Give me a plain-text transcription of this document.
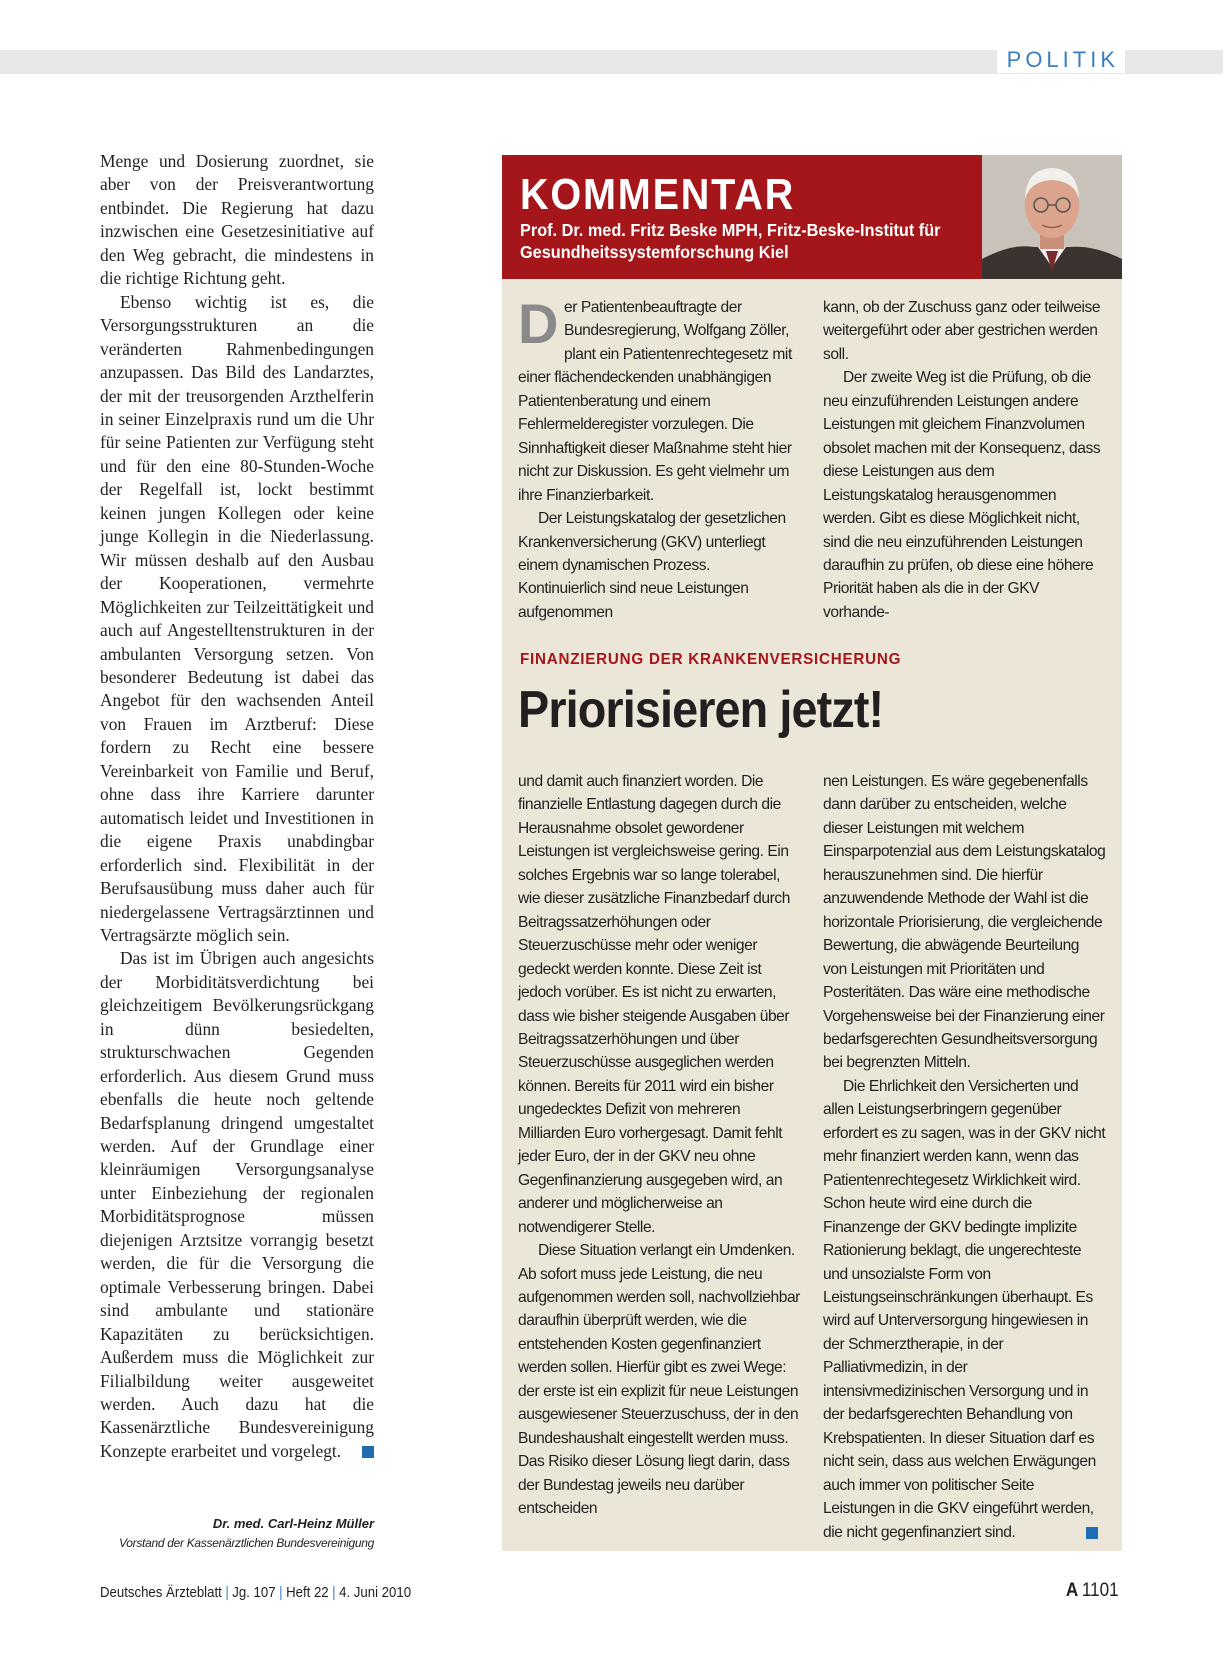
POLITIK

Menge und Dosierung zuordnet, sie aber von der Preisverantwortung entbindet. Die Regierung hat dazu inzwischen eine Gesetzesinitiative auf den Weg gebracht, die mindestens in die richtige Richtung geht.

Ebenso wichtig ist es, die Versorgungsstrukturen an die veränderten Rahmenbedingungen anzupassen. Das Bild des Landarztes, der mit der treusorgenden Arzthelferin in seiner Einzelpraxis rund um die Uhr für seine Patienten zur Verfügung steht und für den eine 80-Stunden-Woche der Regelfall ist, lockt bestimmt keinen jungen Kollegen oder keine junge Kollegin in die Niederlassung. Wir müssen deshalb auf den Ausbau der Kooperationen, vermehrte Möglichkeiten zur Teilzeittätigkeit und auch auf Angestelltenstrukturen in der ambulanten Versorgung setzen. Von besonderer Bedeutung ist dabei das Angebot für den wachsenden Anteil von Frauen im Arztberuf: Diese fordern zu Recht eine bessere Vereinbarkeit von Familie und Beruf, ohne dass ihre Karriere darunter automatisch leidet und Investitionen in die eigene Praxis unabdingbar erforderlich sind. Flexibilität in der Berufsausübung muss daher auch für niedergelassene Vertragsärztinnen und Vertragsärzte möglich sein.

Das ist im Übrigen auch angesichts der Morbiditätsverdichtung bei gleichzeitigem Bevölkerungsrückgang in dünn besiedelten, strukturschwachen Gegenden erforderlich. Aus diesem Grund muss ebenfalls die heute noch geltende Bedarfsplanung dringend umgestaltet werden. Auf der Grundlage einer kleinräumigen Versorgungsanalyse unter Einbeziehung der regionalen Morbiditätsprognose müssen diejenigen Arztsitze vorrangig besetzt werden, die für die Versorgung die optimale Verbesserung bringen. Dabei sind ambulante und stationäre Kapazitäten zu berücksichtigen. Außerdem muss die Möglichkeit zur Filialbildung weiter ausgeweitet werden. Auch dazu hat die Kassenärztliche Bundesvereinigung Konzepte erarbeitet und vorgelegt.

Dr. med. Carl-Heinz Müller
Vorstand der Kassenärztlichen Bundesvereinigung
KOMMENTAR
Prof. Dr. med. Fritz Beske MPH, Fritz-Beske-Institut für Gesundheitssystemforschung Kiel

Der Patientenbeauftragte der Bundesregierung, Wolfgang Zöller, plant ein Patientenrechtegesetz mit einer flächendeckenden unabhängigen Patientenberatung und einem Fehlermelderegister vorzulegen. Die Sinnhaftigkeit dieser Maßnahme steht hier nicht zur Diskussion. Es geht vielmehr um ihre Finanzierbarkeit.

Der Leistungskatalog der gesetzlichen Krankenversicherung (GKV) unterliegt einem dynamischen Prozess. Kontinuierlich sind neue Leistungen aufgenommen

kann, ob der Zuschuss ganz oder teilweise weitergeführt oder aber gestrichen werden soll.

Der zweite Weg ist die Prüfung, ob die neu einzuführenden Leistungen andere Leistungen mit gleichem Finanzvolumen obsolet machen mit der Konsequenz, dass diese Leistungen aus dem Leistungskatalog herausgenommen werden. Gibt es diese Möglichkeit nicht, sind die neu einzuführenden Leistungen daraufhin zu prüfen, ob diese eine höhere Priorität haben als die in der GKV vorhande-

FINANZIERUNG DER KRANKENVERSICHERUNG
Priorisieren jetzt!

und damit auch finanziert worden. Die finanzielle Entlastung dagegen durch die Herausnahme obsolet gewordener Leistungen ist vergleichsweise gering. Ein solches Ergebnis war so lange tolerabel, wie dieser zusätzliche Finanzbedarf durch Beitragssatzerhöhungen oder Steuerzuschüsse mehr oder weniger gedeckt werden konnte. Diese Zeit ist jedoch vorüber. Es ist nicht zu erwarten, dass wie bisher steigende Ausgaben über Beitragssatzerhöhungen und über Steuerzuschüsse ausgeglichen werden können. Bereits für 2011 wird ein bisher ungedecktes Defizit von mehreren Milliarden Euro vorhergesagt. Damit fehlt jeder Euro, der in der GKV neu ohne Gegenfinanzierung ausgegeben wird, an anderer und möglicherweise an notwendigerer Stelle.

Diese Situation verlangt ein Umdenken. Ab sofort muss jede Leistung, die neu aufgenommen werden soll, nachvollziehbar daraufhin überprüft werden, wie die entstehenden Kosten gegenfinanziert werden sollen. Hierfür gibt es zwei Wege: der erste ist ein explizit für neue Leistungen ausgewiesener Steuerzuschuss, der in den Bundeshaushalt eingestellt werden muss. Das Risiko dieser Lösung liegt darin, dass der Bundestag jeweils neu darüber entscheiden

nen Leistungen. Es wäre gegebenenfalls dann darüber zu entscheiden, welche dieser Leistungen mit welchem Einsparpotenzial aus dem Leistungskatalog herauszunehmen sind. Die hierfür anzuwendende Methode der Wahl ist die horizontale Priorisierung, die vergleichende Bewertung, die abwägende Beurteilung von Leistungen mit Prioritäten und Posteritäten. Das wäre eine methodische Vorgehensweise bei der Finanzierung einer bedarfsgerechten Gesundheitsversorgung bei begrenzten Mitteln.

Die Ehrlichkeit den Versicherten und allen Leistungserbringern gegenüber erfordert es zu sagen, was in der GKV nicht mehr finanziert werden kann, wenn das Patientenrechtegesetz Wirklichkeit wird. Schon heute wird eine durch die Finanzenge der GKV bedingte implizite Rationierung beklagt, die ungerechteste und unsozialste Form von Leistungseinschränkungen überhaupt. Es wird auf Unterversorgung hingewiesen in der Schmerztherapie, in der Palliativmedizin, in der intensivmedizinischen Versorgung und in der bedarfsgerechten Behandlung von Krebspatienten. In dieser Situation darf es nicht sein, dass aus welchen Erwägungen auch immer von politischer Seite Leistungen in die GKV eingeführt werden, die nicht gegenfinanziert sind.

Deutsches Ärzteblatt | Jg. 107 | Heft 22 | 4. Juni 2010	A 1101
